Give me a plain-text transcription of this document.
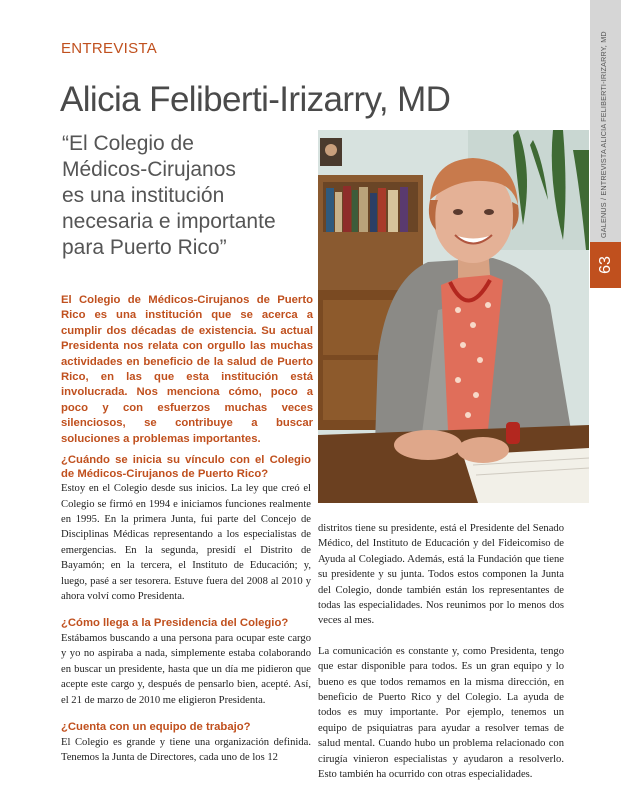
ENTREVISTA
Alicia Feliberti-Irizarry, MD
“El Colegio de
Médicos-Cirujanos
es una institución
necesaria e importante
para Puerto Rico”
El Colegio de Médicos-Cirujanos de Puerto Rico es una institución que se acerca a cumplir dos décadas de existencia. Su actual Presidenta nos relata con orgullo las muchas actividades en beneficio de la salud de Puerto Rico, en las que esta institución está involucrada. Nos menciona cómo, poco a poco y con esfuerzos muchas veces silenciosos, se contribuye a buscar soluciones a problemas importantes.

¿Cuándo se inicia su vínculo con el Colegio de Médicos-Cirujanos de Puerto Rico?

Estoy en el Colegio desde sus inicios. La ley que creó el Colegio se firmó en 1994 e iniciamos funciones realmente en 1995. En la primera Junta, fui parte del Concejo de Disciplinas Médicas representando a los especialistas de emergencias. En la segunda, presidí el Distrito de Bayamón; en la tercera, el Instituto de Educación; y, luego, pasé a ser tesorera. Estuve fuera del 2008 al 2010 y ahora volví como Presidenta.

¿Cómo llega a la Presidencia del Colegio?

Estábamos buscando a una persona para ocupar este cargo y yo no aspiraba a nada, simplemente estaba colaborando en buscar un presidente, hasta que un día me pidieron que acepte este cargo y, después de pensarlo bien, acepté. Así, el 21 de marzo de 2010 me eligieron Presidenta.

¿Cuenta con un equipo de trabajo?

El Colegio es grande y tiene una organización definida. Tenemos la Junta de Directores, cada uno de los 12

distritos tiene su presidente, está el Presidente del Senado Médico, del Instituto de Educación y del Fideicomiso de Ayuda al Colegiado. Además, está la Fundación que tiene su presidente y su junta. Todos estos componen la Junta del Colegio, donde también están los representantes de todas las especialidades. Nos reunimos por lo menos dos veces al mes.

La comunicación es constante y, como Presidenta, tengo que estar disponible para todos. Es un gran equipo y lo bueno es que todos remamos en la misma dirección, en beneficio de Puerto Rico y del Colegio. La ayuda de todos es muy importante. Por ejemplo, tenemos un equipo de psiquiatras para ayudar a resolver temas de salud mental. Cuando hubo un problema relacionado con cirugía vinieron especialistas y ayudaron a resolverlo. Esto también ha ocurrido con otras especialidades.

GALENUS / ENTREVISTA ALICIA FELIBERTI-IRIZARRY, MD
63
